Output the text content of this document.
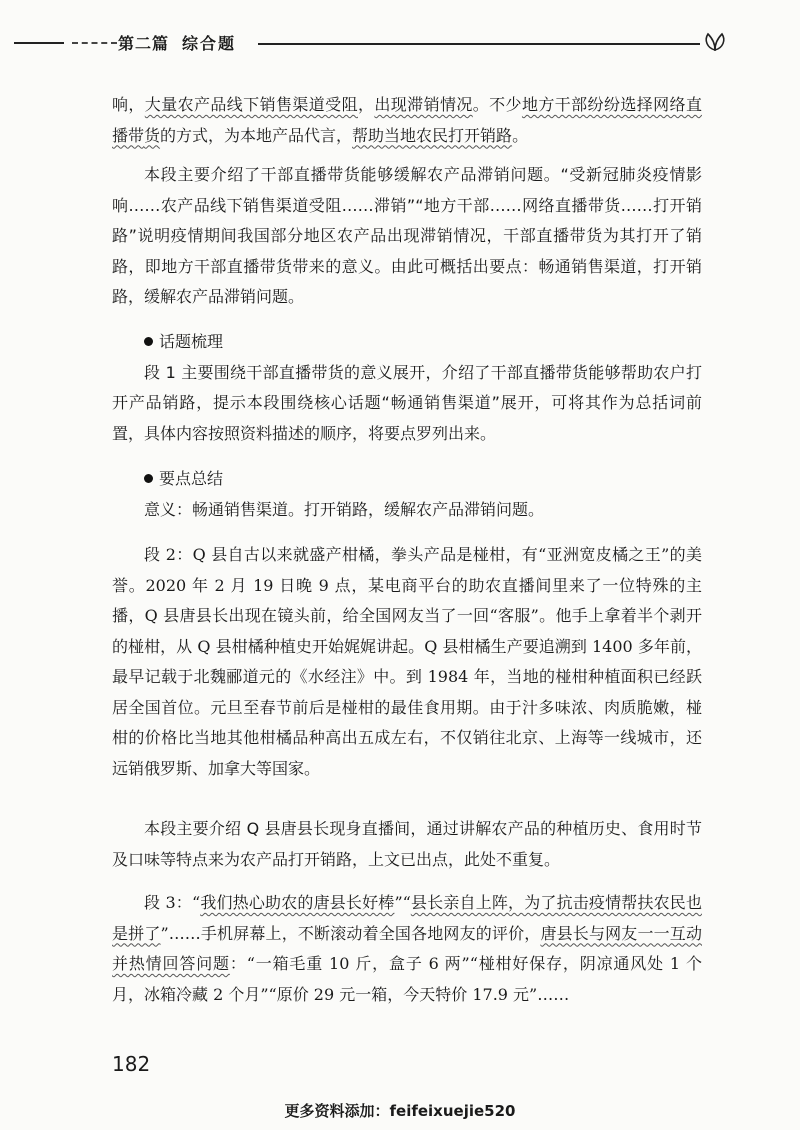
第二篇 综合题

响，大量农产品线下销售渠道受阻，出现滞销情况。不少地方干部纷纷选择网络直播带货的方式，为本地产品代言，帮助当地农民打开销路。

本段主要介绍了干部直播带货能够缓解农产品滞销问题。“受新冠肺炎疫情影响……农产品线下销售渠道受阻……滞销”“地方干部……网络直播带货……打开销路”说明疫情期间我国部分地区农产品出现滞销情况，干部直播带货为其打开了销路，即地方干部直播带货带来的意义。由此可概括出要点：畅通销售渠道，打开销路，缓解农产品滞销问题。

话题梳理

段 1 主要围绕干部直播带货的意义展开，介绍了干部直播带货能够帮助农户打开产品销路，提示本段围绕核心话题“畅通销售渠道”展开，可将其作为总括词前置，具体内容按照资料描述的顺序，将要点罗列出来。

要点总结

意义：畅通销售渠道。打开销路，缓解农产品滞销问题。

段 2：Q 县自古以来就盛产柑橘，拳头产品是椪柑，有“亚洲宽皮橘之王”的美誉。2020 年 2 月 19 日晚 9 点，某电商平台的助农直播间里来了一位特殊的主播，Q 县唐县长出现在镜头前，给全国网友当了一回“客服”。他手上拿着半个剥开的椪柑，从 Q 县柑橘种植史开始娓娓讲起。Q 县柑橘生产要追溯到 1400 多年前，最早记载于北魏郦道元的《水经注》中。到 1984 年，当地的椪柑种植面积已经跃居全国首位。元旦至春节前后是椪柑的最佳食用期。由于汁多味浓、肉质脆嫩，椪柑的价格比当地其他柑橘品种高出五成左右，不仅销往北京、上海等一线城市，还远销俄罗斯、加拿大等国家。

本段主要介绍 Q 县唐县长现身直播间，通过讲解农产品的种植历史、食用时节及口味等特点来为农产品打开销路，上文已出点，此处不重复。

段 3：“我们热心助农的唐县长好棒”“县长亲自上阵，为了抗击疫情帮扶农民也是拼了”……手机屏幕上，不断滚动着全国各地网友的评价，唐县长与网友一一互动并热情回答问题：“一箱毛重 10 斤，盒子 6 两”“椪柑好保存，阴凉通风处 1 个月，冰箱冷藏 2 个月”“原价 29 元一箱，今天特价 17.9 元”……

182
更多资料添加：feifeixuejie520
